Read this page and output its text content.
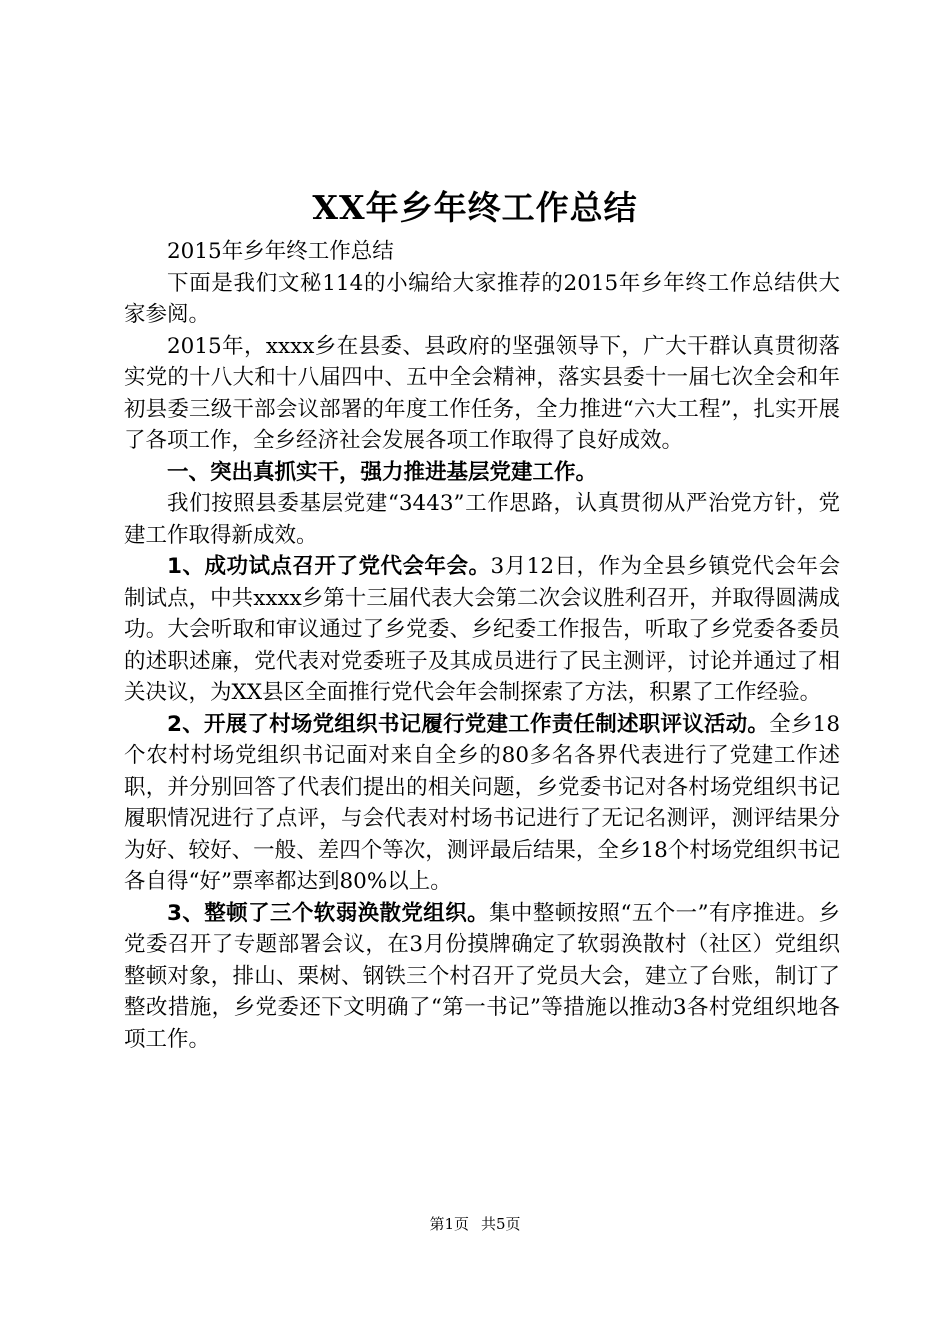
XX年乡年终工作总结

2015年乡年终工作总结

下面是我们文秘114的小编给大家推荐的2015年乡年终工作总结供大家参阅。

2015年，xxxx乡在县委、县政府的坚强领导下，广大干群认真贯彻落实党的十八大和十八届四中、五中全会精神，落实县委十一届七次全会和年初县委三级干部会议部署的年度工作任务，全力推进“六大工程”，扎实开展了各项工作，全乡经济社会发展各项工作取得了良好成效。

一、突出真抓实干，强力推进基层党建工作。

我们按照县委基层党建“3443”工作思路，认真贯彻从严治党方针，党建工作取得新成效。

1、成功试点召开了党代会年会。3月12日，作为全县乡镇党代会年会制试点，中共xxxx乡第十三届代表大会第二次会议胜利召开，并取得圆满成功。大会听取和审议通过了乡党委、乡纪委工作报告，听取了乡党委各委员的述职述廉，党代表对党委班子及其成员进行了民主测评，讨论并通过了相关决议，为XX县区全面推行党代会年会制探索了方法，积累了工作经验。

2、开展了村场党组织书记履行党建工作责任制述职评议活动。全乡18个农村村场党组织书记面对来自全乡的80多名各界代表进行了党建工作述职，并分别回答了代表们提出的相关问题，乡党委书记对各村场党组织书记履职情况进行了点评，与会代表对村场书记进行了无记名测评，测评结果分为好、较好、一般、差四个等次，测评最后结果，全乡18个村场党组织书记各自得“好”票率都达到80%以上。

3、整顿了三个软弱涣散党组织。集中整顿按照“五个一”有序推进。乡党委召开了专题部署会议，在3月份摸牌确定了软弱涣散村（社区）党组织整顿对象，排山、栗树、钢铁三个村召开了党员大会，建立了台账，制订了整改措施，乡党委还下文明确了“第一书记”等措施以推动3各村党组织地各项工作。

第1页 共5页
